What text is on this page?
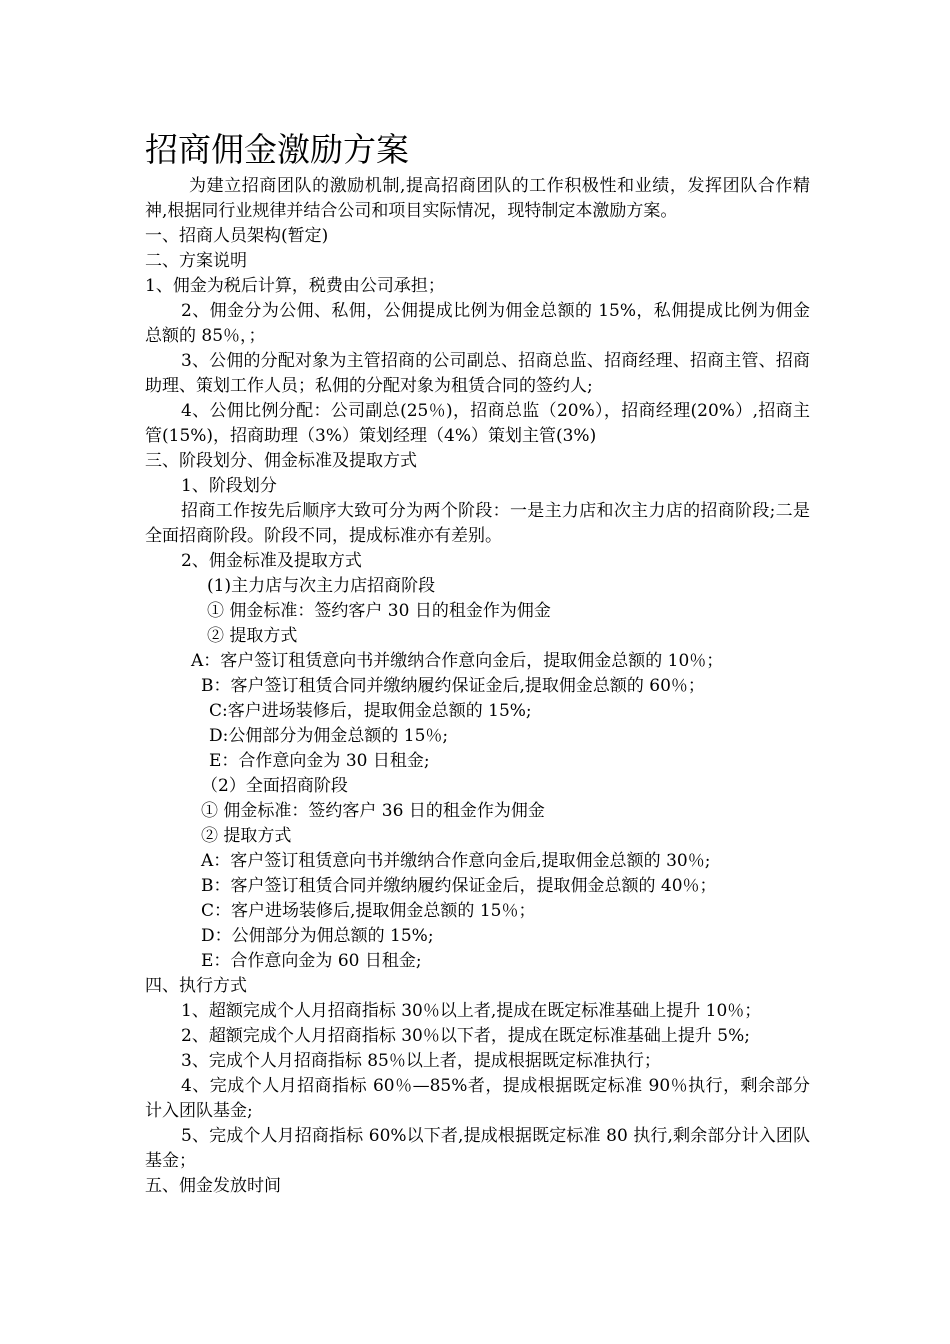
招商佣金激励方案
为建立招商团队的激励机制,提高招商团队的工作积极性和业绩，发挥团队合作精神,根据同行业规律并结合公司和项目实际情况，现特制定本激励方案。
一、招商人员架构(暂定)
二、方案说明
1、佣金为税后计算，税费由公司承担；
2、佣金分为公佣、私佣，公佣提成比例为佣金总额的 15%，私佣提成比例为佣金总额的 85％，；
3、公佣的分配对象为主管招商的公司副总、招商总监、招商经理、招商主管、招商助理、策划工作人员；私佣的分配对象为租赁合同的签约人;
4、公佣比例分配：公司副总(25％)，招商总监（20%），招商经理(20%）,招商主管(15%)，招商助理（3%）策划经理（4%）策划主管(3%)
三、阶段划分、佣金标准及提取方式
1、阶段划分
招商工作按先后顺序大致可分为两个阶段：一是主力店和次主力店的招商阶段;二是全面招商阶段。阶段不同，提成标准亦有差别。
2、佣金标准及提取方式
(1)主力店与次主力店招商阶段
① 佣金标准：签约客户 30 日的租金作为佣金
② 提取方式
A：客户签订租赁意向书并缴纳合作意向金后，提取佣金总额的 10％；
B：客户签订租赁合同并缴纳履约保证金后,提取佣金总额的 60％；
C:客户进场装修后，提取佣金总额的 15%;
D:公佣部分为佣金总额的 15％;
E：合作意向金为 30 日租金;
（2）全面招商阶段
① 佣金标准：签约客户 36 日的租金作为佣金
② 提取方式
A：客户签订租赁意向书并缴纳合作意向金后,提取佣金总额的 30％;
B：客户签订租赁合同并缴纳履约保证金后，提取佣金总额的 40％；
C：客户进场装修后,提取佣金总额的 15％；
D：公佣部分为佣总额的 15%;
E：合作意向金为 60 日租金;
四、执行方式
1、超额完成个人月招商指标 30％以上者,提成在既定标准基础上提升 10％；
2、超额完成个人月招商指标 30％以下者，提成在既定标准基础上提升 5%;
3、完成个人月招商指标 85％以上者，提成根据既定标准执行；
4、完成个人月招商指标 60％—85%者，提成根据既定标准 90％执行，剩余部分计入团队基金;
5、完成个人月招商指标 60%以下者,提成根据既定标准 80 执行,剩余部分计入团队基金；
五、佣金发放时间
